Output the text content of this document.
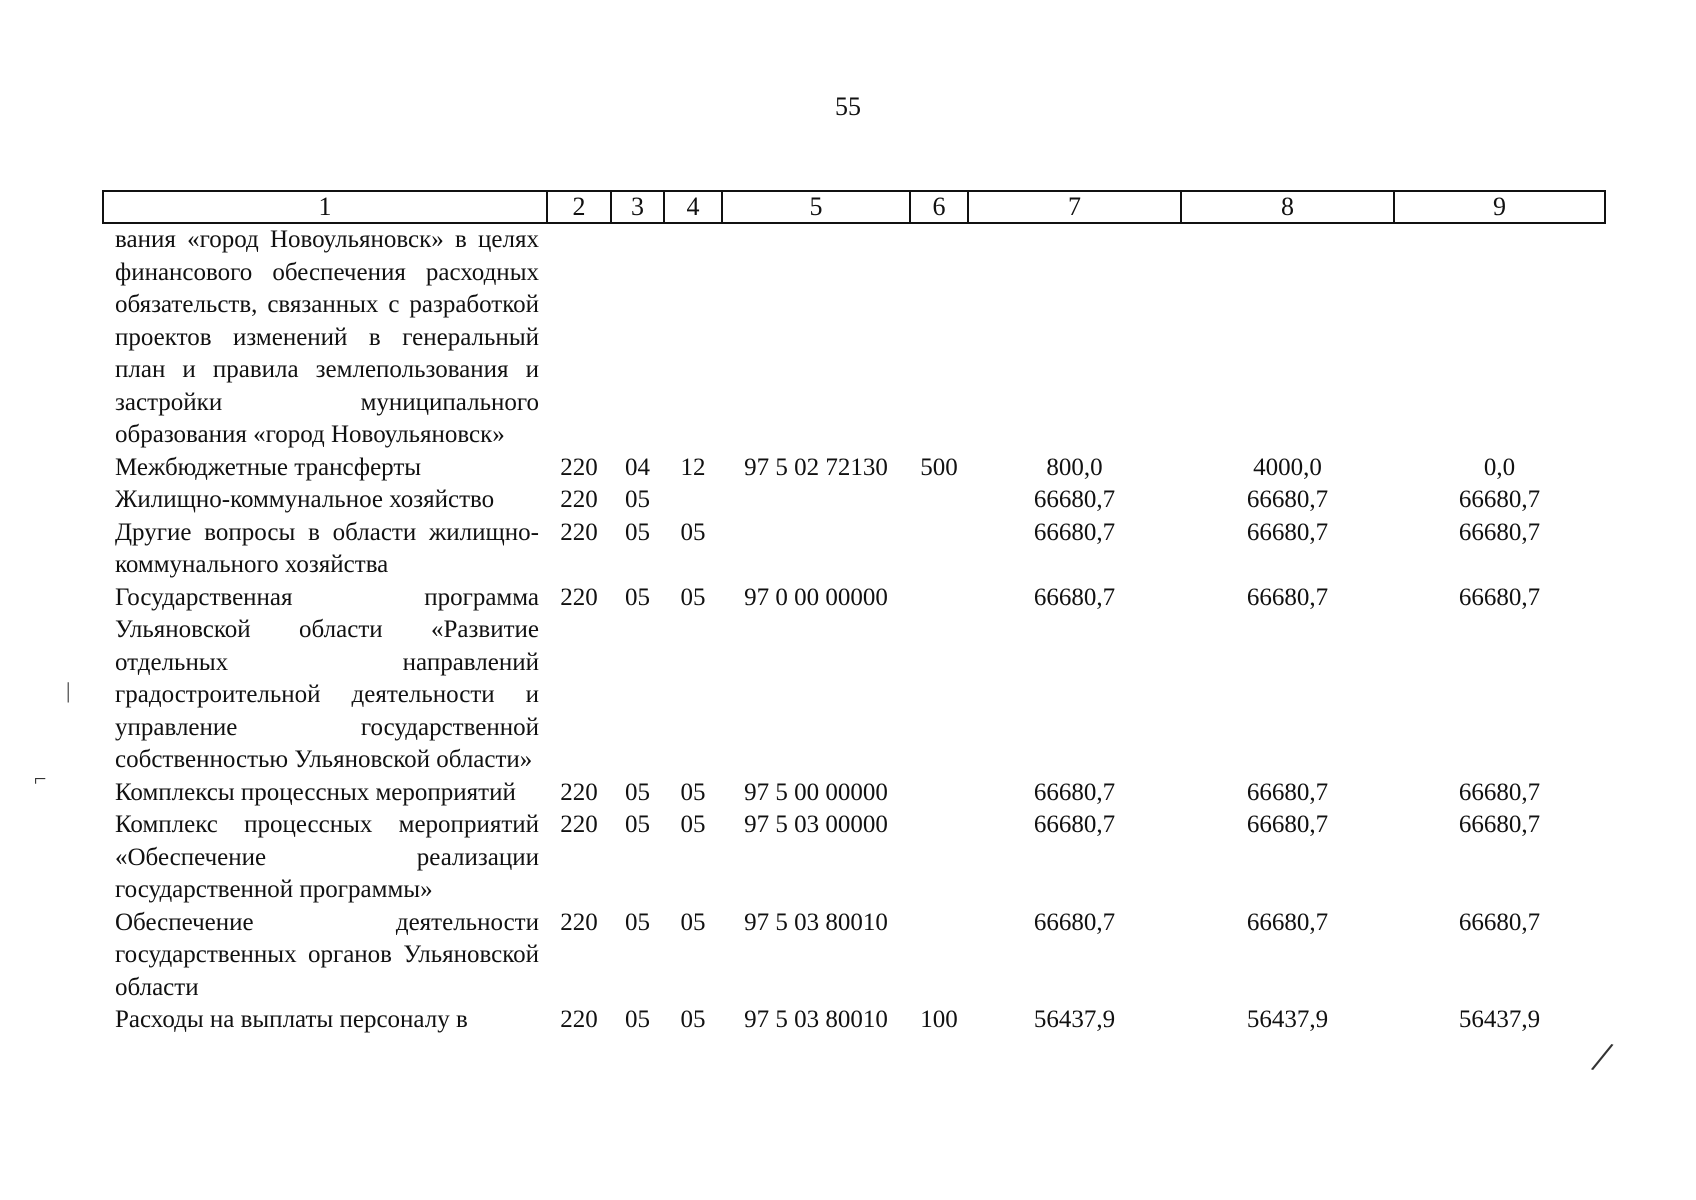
55
1	2	3	4	5	6	7	8	9
вания «город Новоульяновск» в целях финансового обеспечения расходных обязательств, связанных с разработкой проектов изменений в генеральный план и правила землепользования и застройки муниципального образования «город Новоульяновск»								
Межбюджетные трансферты	220	04	12	97 5 02 72130	500	800,0	4000,0	0,0
Жилищно-коммунальное хозяйство	220	05				66680,7	66680,7	66680,7
Другие вопросы в области жилищно-коммунального хозяйства	220	05	05			66680,7	66680,7	66680,7
Государственная программа Ульяновской области «Развитие отдельных направлений градостроительной деятельности и управление государственной собственностью Ульяновской области»	220	05	05	97 0 00 00000		66680,7	66680,7	66680,7
Комплексы процессных мероприятий	220	05	05	97 5 00 00000		66680,7	66680,7	66680,7
Комплекс процессных мероприятий «Обеспечение реализации государственной программы»	220	05	05	97 5 03 00000		66680,7	66680,7	66680,7
Обеспечение деятельности государственных органов Ульяновской области	220	05	05	97 5 03 80010		66680,7	66680,7	66680,7
Расходы на выплаты персоналу в	220	05	05	97 5 03 80010	100	56437,9	56437,9	56437,9
|
⌐
/
